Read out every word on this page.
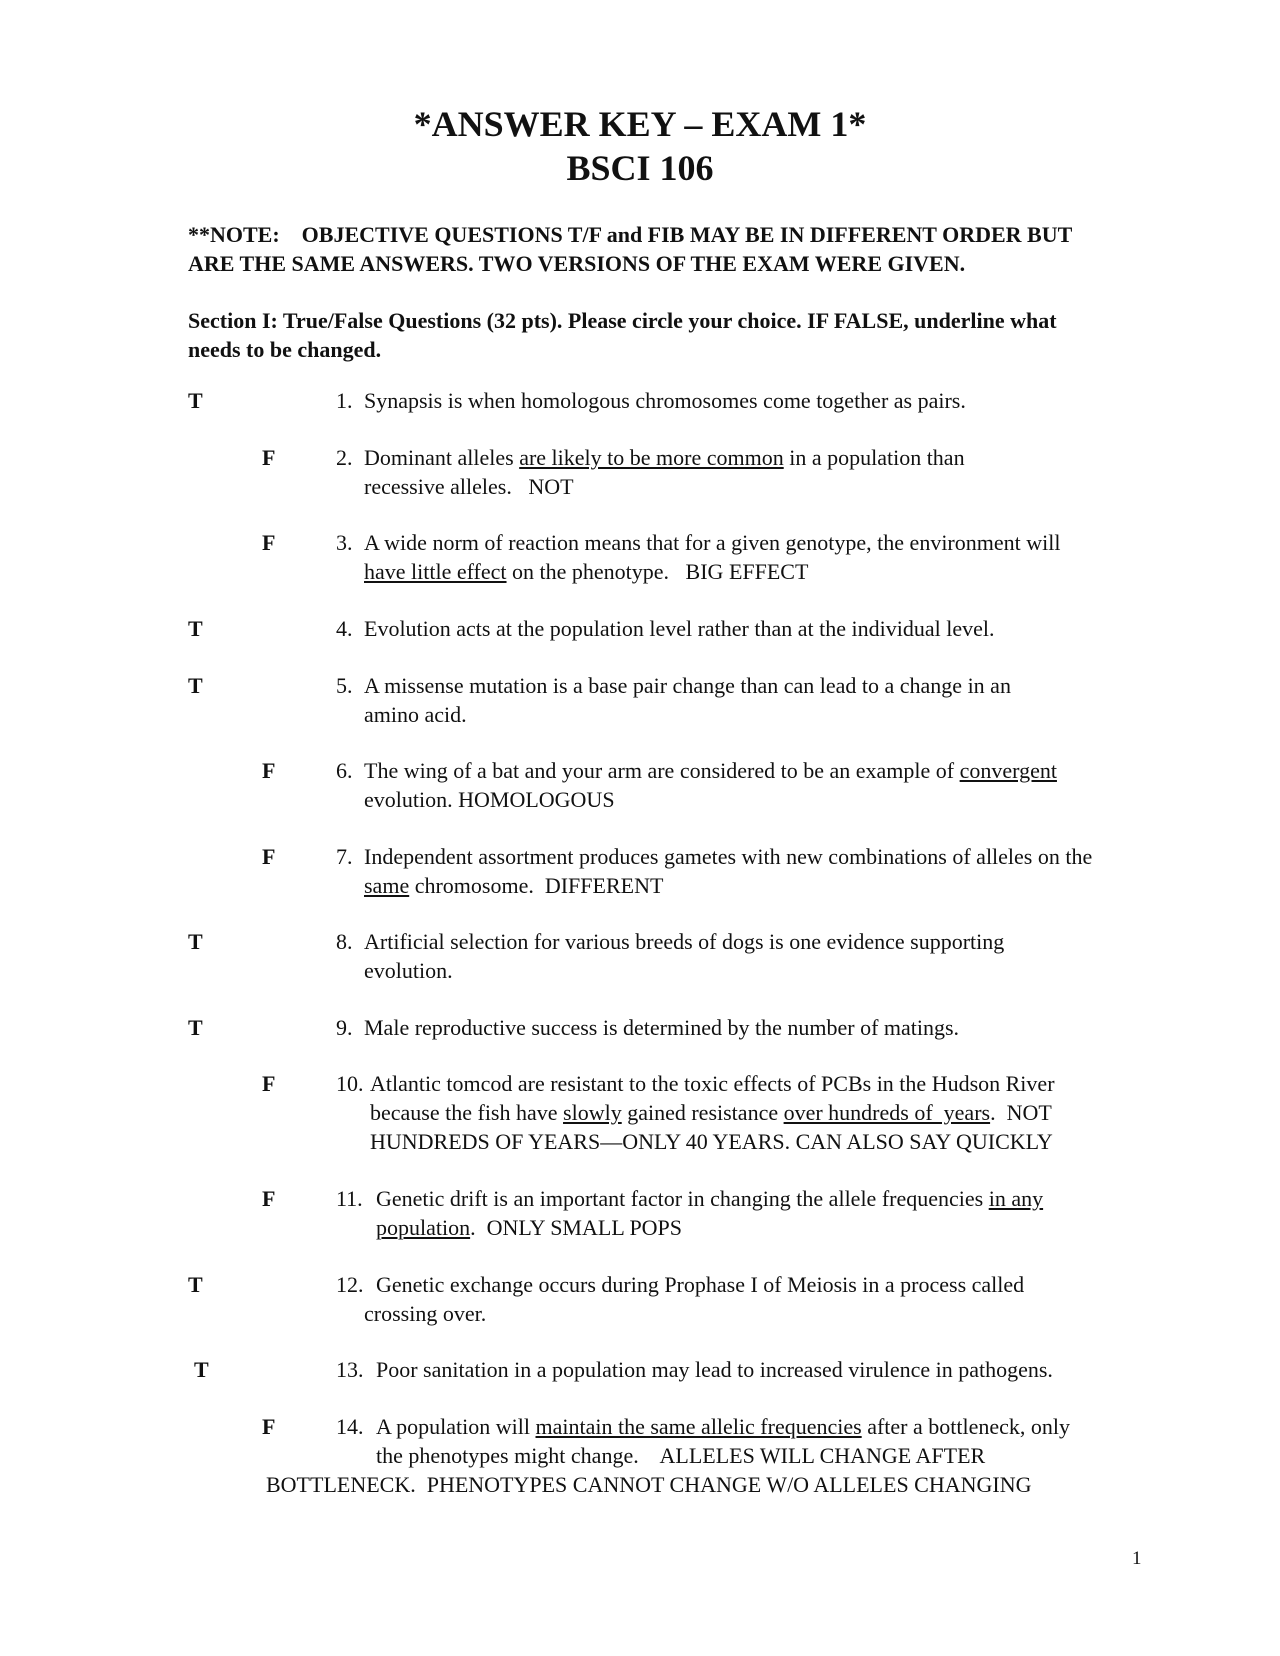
*ANSWER KEY – EXAM 1*
BSCI 106
**NOTE:    OBJECTIVE QUESTIONS T/F and FIB MAY BE IN DIFFERENT ORDER BUT
ARE THE SAME ANSWERS. TWO VERSIONS OF THE EXAM WERE GIVEN.
Section I: True/False Questions (32 pts). Please circle your choice. IF FALSE, underline what
needs to be changed.
T	1. Synapsis is when homologous chromosomes come together as pairs.
F	2. Dominant alleles are likely to be more common in a population than
recessive alleles.   NOT
F	3. A wide norm of reaction means that for a given genotype, the environment will
have little effect on the phenotype.   BIG EFFECT
T	4. Evolution acts at the population level rather than at the individual level.
T	5. A missense mutation is a base pair change than can lead to a change in an
amino acid.
F	6. The wing of a bat and your arm are considered to be an example of convergent
evolution. HOMOLOGOUS
F	7. Independent assortment produces gametes with new combinations of alleles on the
same chromosome.  DIFFERENT
T	8. Artificial selection for various breeds of dogs is one evidence supporting
evolution.
T	9. Male reproductive success is determined by the number of matings.
F	10. Atlantic tomcod are resistant to the toxic effects of PCBs in the Hudson River
because the fish have slowly gained resistance over hundreds of  years.  NOT
HUNDREDS OF YEARS—ONLY 40 YEARS. CAN ALSO SAY QUICKLY
F	11. Genetic drift is an important factor in changing the allele frequencies in any
population.  ONLY SMALL POPS
T	12. Genetic exchange occurs during Prophase I of Meiosis in a process called
crossing over.
T	13. Poor sanitation in a population may lead to increased virulence in pathogens.
F	14. A population will maintain the same allelic frequencies after a bottleneck, only
the phenotypes might change.    ALLELES WILL CHANGE AFTER
BOTTLENECK.  PHENOTYPES CANNOT CHANGE W/O ALLELES CHANGING
1
